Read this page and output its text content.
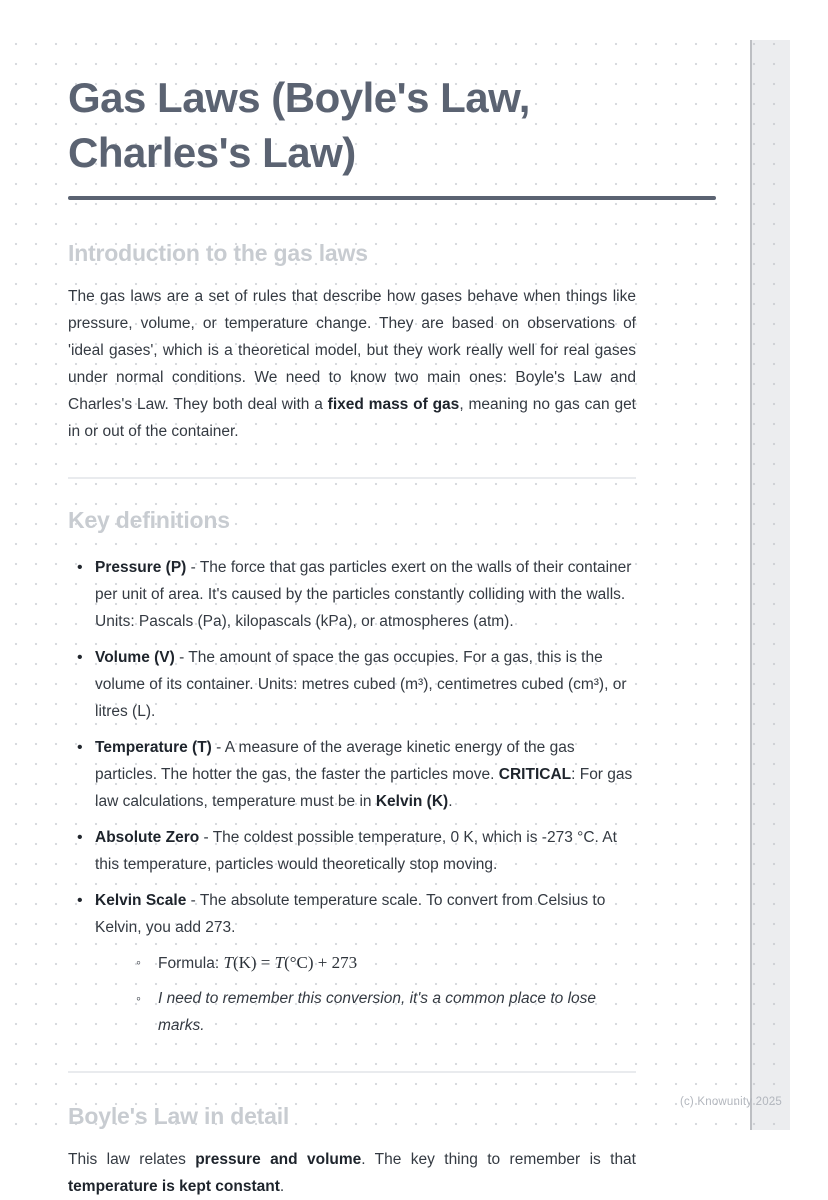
Gas Laws (Boyle's Law, Charles's Law)
Introduction to the gas laws

The gas laws are a set of rules that describe how gases behave when things like pressure, volume, or temperature change. They are based on observations of 'ideal gases', which is a theoretical model, but they work really well for real gases under normal conditions. We need to know two main ones: Boyle's Law and Charles's Law. They both deal with a fixed mass of gas, meaning no gas can get in or out of the container.

Key definitions
• Pressure (P) - The force that gas particles exert on the walls of their container per unit of area. It's caused by the particles constantly colliding with the walls. Units: Pascals (Pa), kilopascals (kPa), or atmospheres (atm).
• Volume (V) - The amount of space the gas occupies. For a gas, this is the volume of its container. Units: metres cubed (m³), centimetres cubed (cm³), or litres (L).
• Temperature (T) - A measure of the average kinetic energy of the gas particles. The hotter the gas, the faster the particles move. CRITICAL: For gas law calculations, temperature must be in Kelvin (K).
• Absolute Zero - The coldest possible temperature, 0 K, which is -273 °C. At this temperature, particles would theoretically stop moving.
• Kelvin Scale - The absolute temperature scale. To convert from Celsius to Kelvin, you add 273.
◦ Formula: T(K) = T(°C) + 273
◦ I need to remember this conversion, it's a common place to lose marks.
Boyle's Law in detail

This law relates pressure and volume. The key thing to remember is that temperature is kept constant.

(c) Knowunity 2025
